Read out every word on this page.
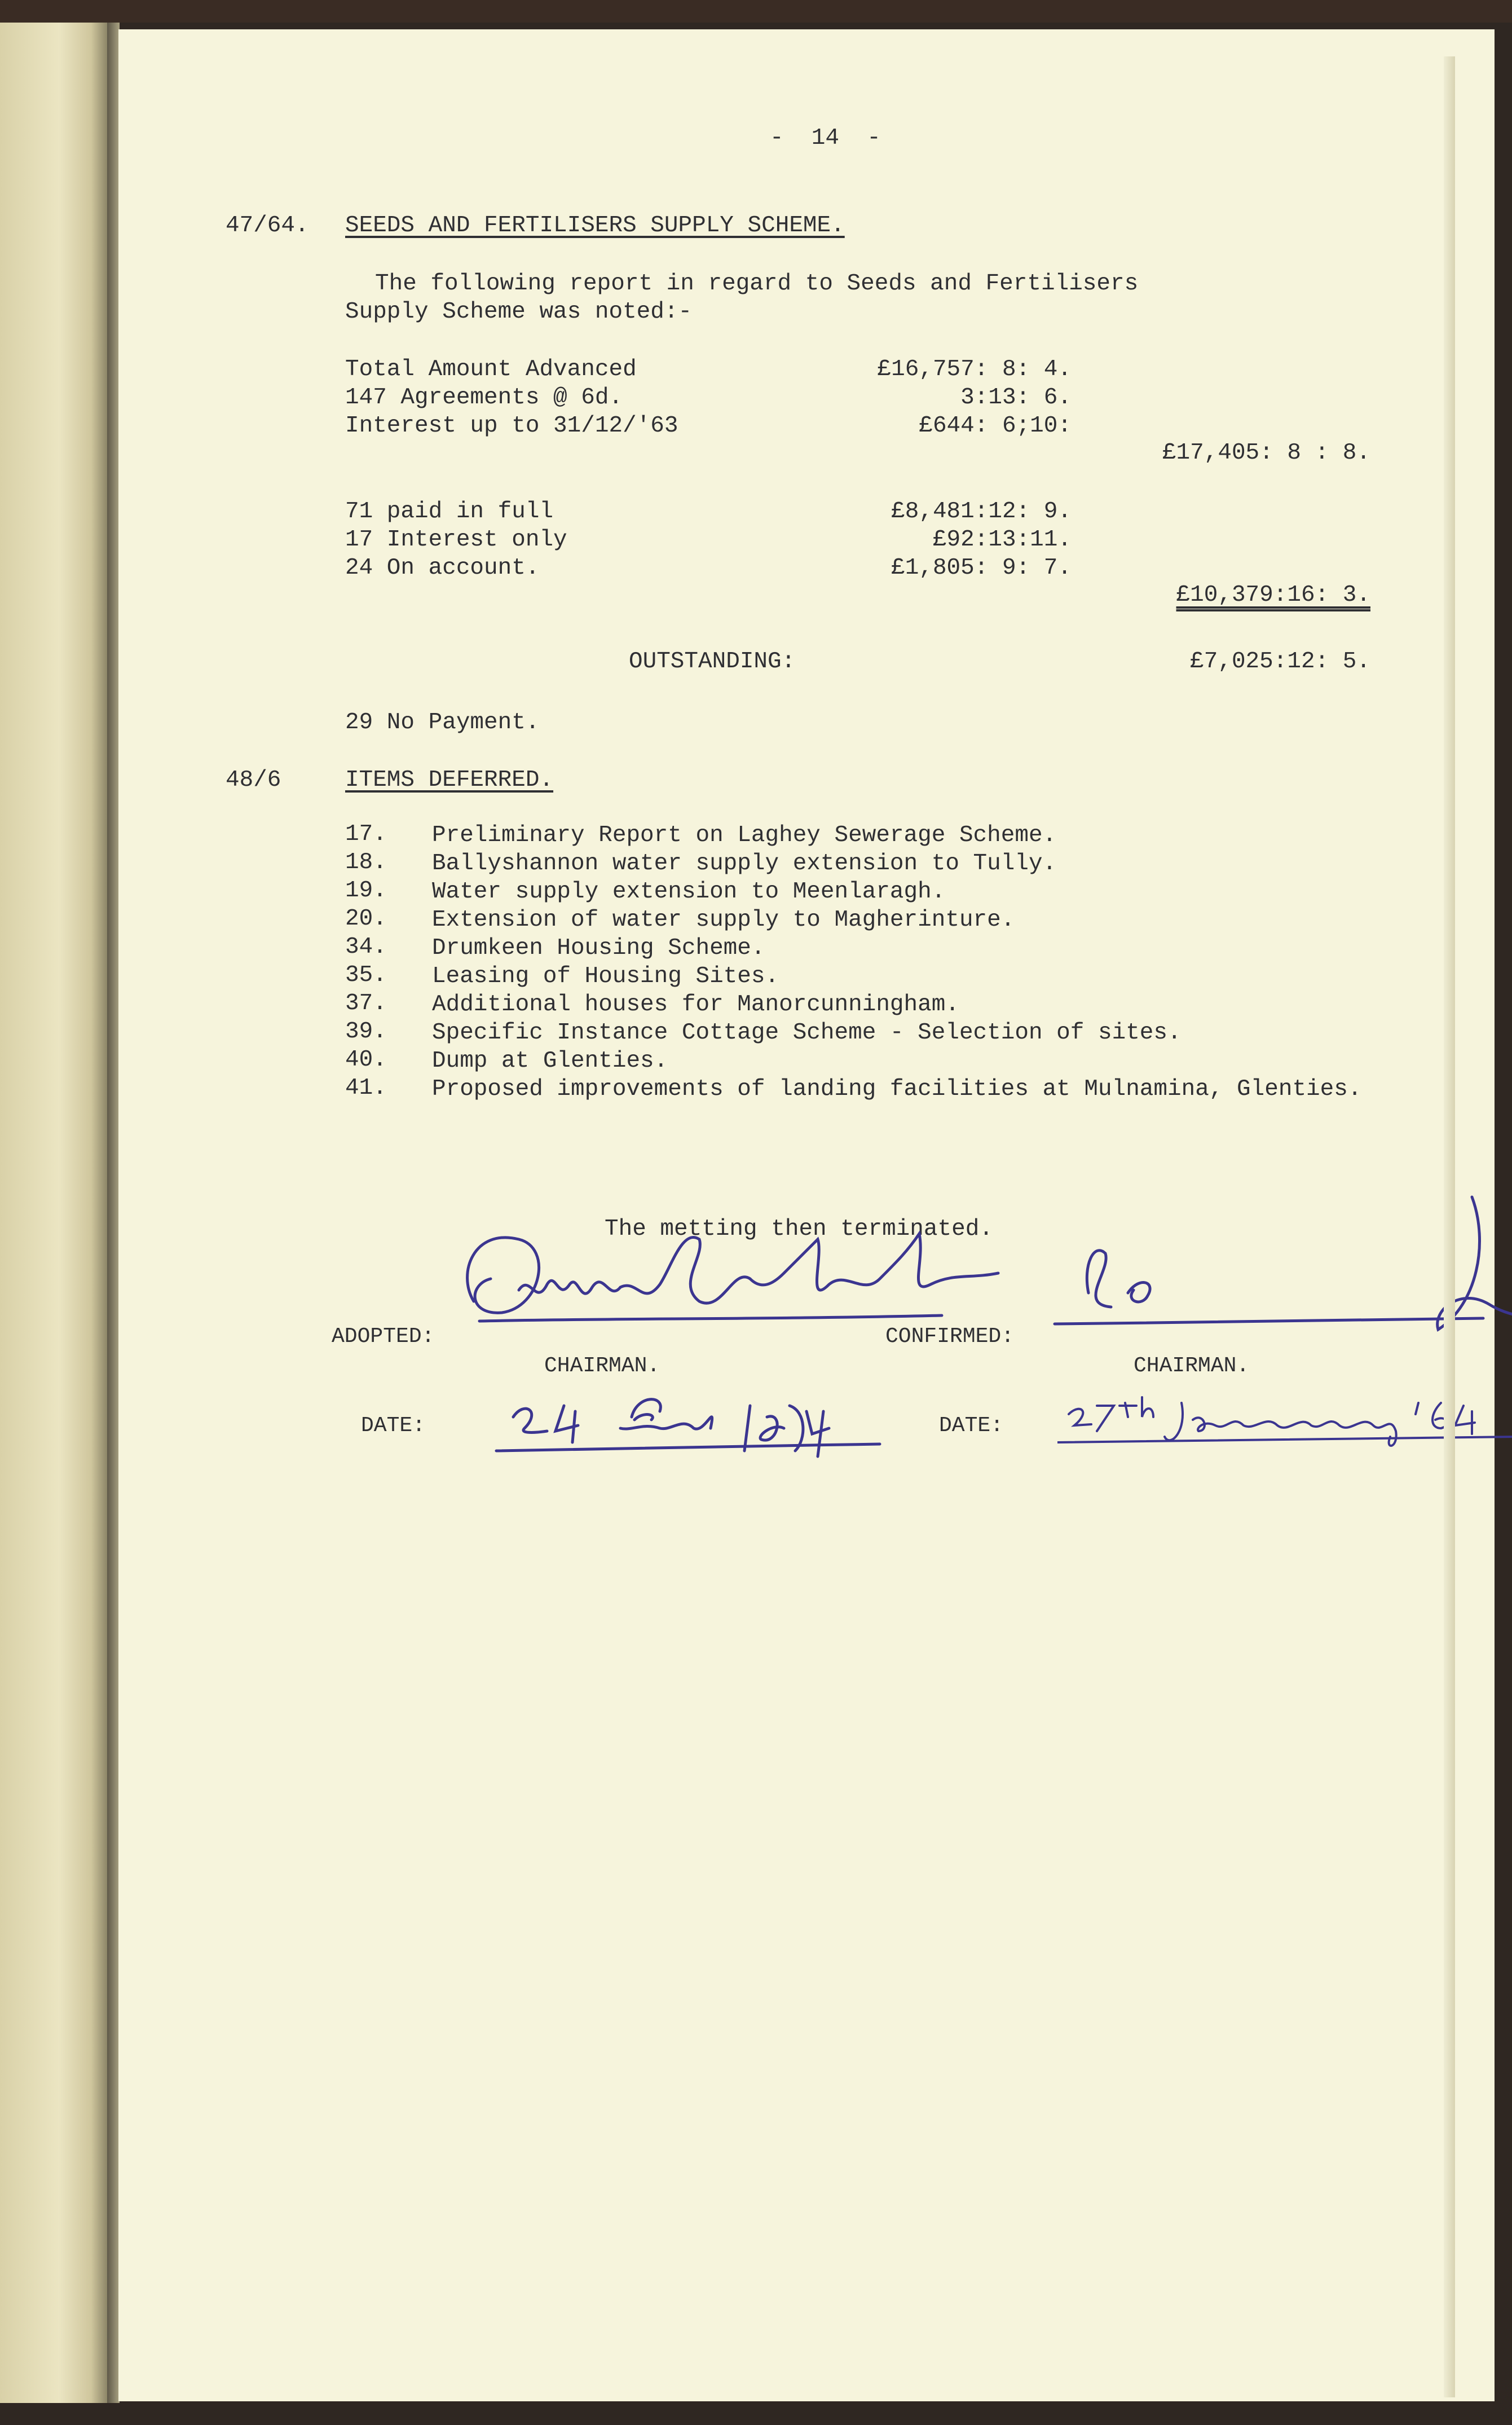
-  14  -
47/64. SEEDS AND FERTILISERS SUPPLY SCHEME.
The following report in regard to Seeds and Fertilisers
Supply Scheme was noted:-
Total Amount Advanced	£16,757: 8: 4.
147 Agreements @ 6d.	3:13: 6.
Interest up to 31/12/'63	£644: 6;10:
£17,405: 8 : 8.
71 paid in full	£8,481:12: 9.
17 Interest only	£92:13:11.
24 On account.	£1,805: 9: 7.
£10,379:16: 3.
OUTSTANDING:	£7,025:12: 5.
29 No Payment.
48/6	ITEMS DEFERRED.
17. Preliminary Report on Laghey Sewerage Scheme.
18. Ballyshannon water supply extension to Tully.
19. Water supply extension to Meenlaragh.
20. Extension of water supply to Magherinture.
34. Drumkeen Housing Scheme.
35. Leasing of Housing Sites.
37. Additional houses for Manorcunningham.
39. Specific Instance Cottage Scheme - Selection of sites.
40. Dump at Glenties.
41. Proposed improvements of landing facilities at Mulnamina, Glenties.
The metting then terminated.
ADOPTED:
CHAIRMAN.
CONFIRMED:
CHAIRMAN.
DATE:	DATE:
